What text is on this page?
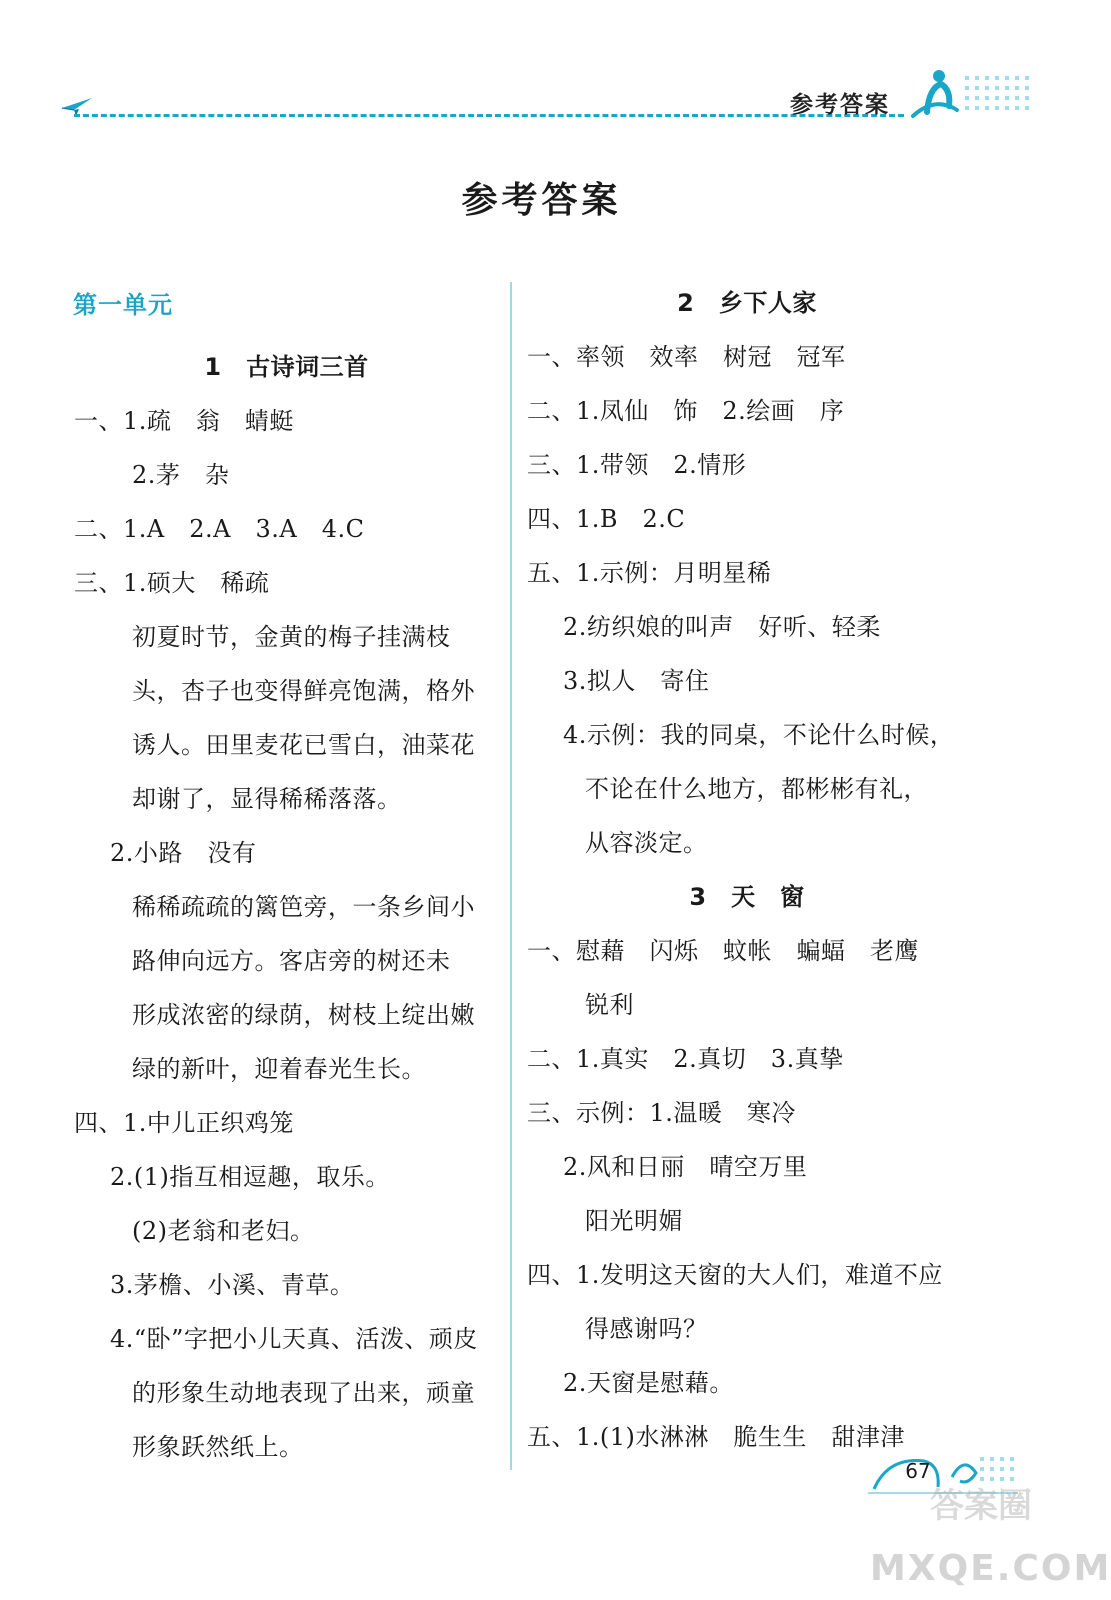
参考答案
参考答案
第一单元
1　古诗词三首
一、1.疏　翁　蜻蜓
2.茅　杂
二、1.A　2.A　3.A　4.C
三、1.硕大　稀疏
初夏时节，金黄的梅子挂满枝
头，杏子也变得鲜亮饱满，格外
诱人。田里麦花已雪白，油菜花
却谢了，显得稀稀落落。
2.小路　没有
稀稀疏疏的篱笆旁，一条乡间小
路伸向远方。客店旁的树还未
形成浓密的绿荫，树枝上绽出嫩
绿的新叶，迎着春光生长。
四、1.中儿正织鸡笼
2.(1)指互相逗趣，取乐。
(2)老翁和老妇。
3.茅檐、小溪、青草。
4.“卧”字把小儿天真、活泼、顽皮
的形象生动地表现了出来，顽童
形象跃然纸上。
2　乡下人家
一、率领　效率　树冠　冠军
二、1.凤仙　饰　2.绘画　序
三、1.带领　2.情形
四、1.B　2.C
五、1.示例：月明星稀
2.纺织娘的叫声　好听、轻柔
3.拟人　寄住
4.示例：我的同桌，不论什么时候，
不论在什么地方，都彬彬有礼，
从容淡定。
3　天　窗
一、慰藉　闪烁　蚊帐　蝙蝠　老鹰
锐利
二、1.真实　2.真切　3.真挚
三、示例：1.温暖　寒冷
2.风和日丽　晴空万里
阳光明媚
四、1.发明这天窗的大人们，难道不应
得感谢吗？
2.天窗是慰藉。
五、1.(1)水淋淋　脆生生　甜津津
67
答案圈
MXQE.COM
